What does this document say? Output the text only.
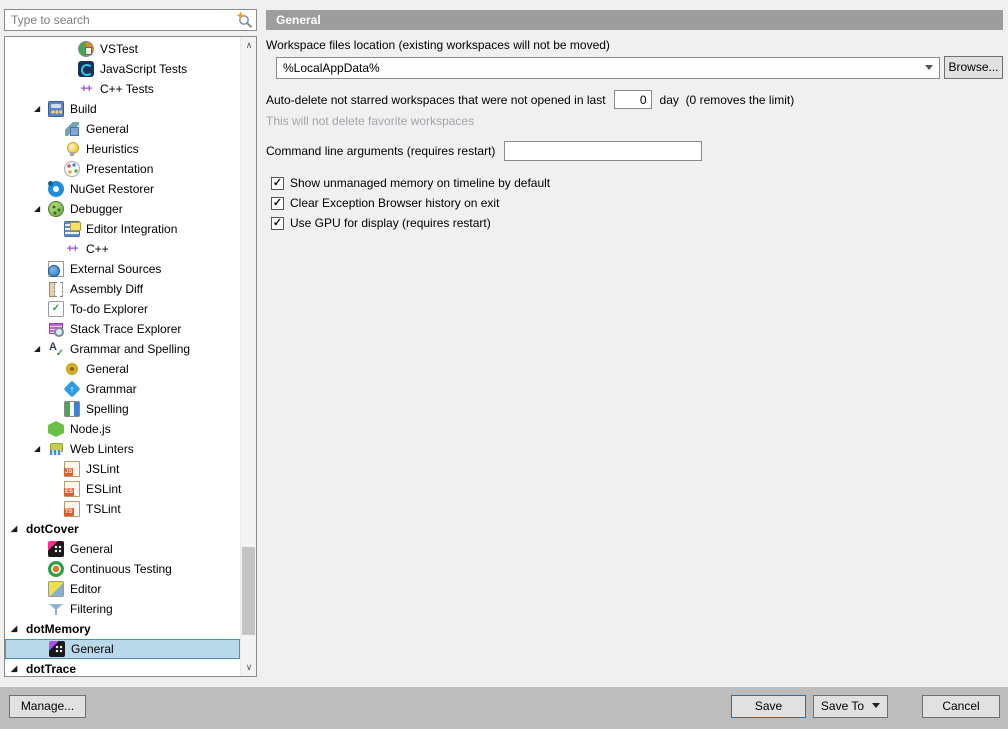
Type to search
VSTest
JavaScript Tests
++
C++ Tests
◢	Build
General
Heuristics
Presentation
NuGet Restorer
◢	Debugger
Editor Integration
++
C++
External Sources
Assembly Diff
✓
To-do Explorer
Stack Trace Explorer
◢ A ✓	Grammar and Spelling
General
↑
Grammar
Spelling
Node.js
◢	Web Linters
JS
JSLint
ES
ESLint
TS
TSLint
◢ dotCover
General
Continuous Testing
Editor
Filtering
◢ dotMemory
General
◢ dotTrace
∧
∨
General
Workspace files location (existing workspaces will not be moved)
%LocalAppData%	Browse...
Auto-delete not starred workspaces that were not opened in last
0	day  (0 removes the limit)
This will not delete favorite workspaces
Command line arguments (requires restart)
✓ Show unmanaged memory on timeline by default
✓ Clear Exception Browser history on exit
✓ Use GPU for display (requires restart)
Manage...	Save	Save To	Cancel
